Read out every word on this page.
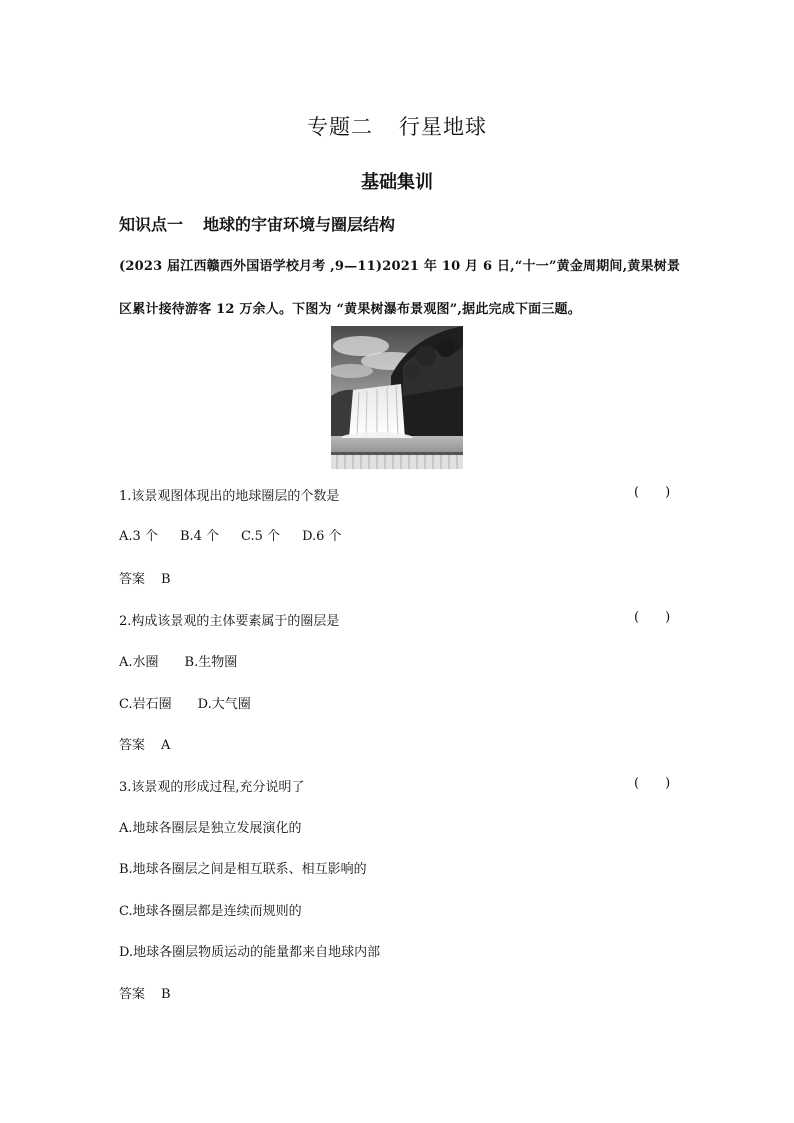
专题二 行星地球
基础集训
知识点一 地球的宇宙环境与圈层结构
(2023 届江西赣西外国语学校月考 ,9—11)2021 年 10 月 6 日,“十一”黄金周期间,黄果树景
区累计接待游客 12 万余人。下图为 “黄果树瀑布景观图”,据此完成下面三题。
1.该景观图体现出的地球圈层的个数是	( )
A.3 个 B.4 个 C.5 个 D.6 个
答案 B
2.构成该景观的主体要素属于的圈层是	( )
A.水圈 B.生物圈
C.岩石圈 D.大气圈
答案 A
3.该景观的形成过程,充分说明了	( )
A.地球各圈层是独立发展演化的
B.地球各圈层之间是相互联系、相互影响的
C.地球各圈层都是连续而规则的
D.地球各圈层物质运动的能量都来自地球内部
答案 B
